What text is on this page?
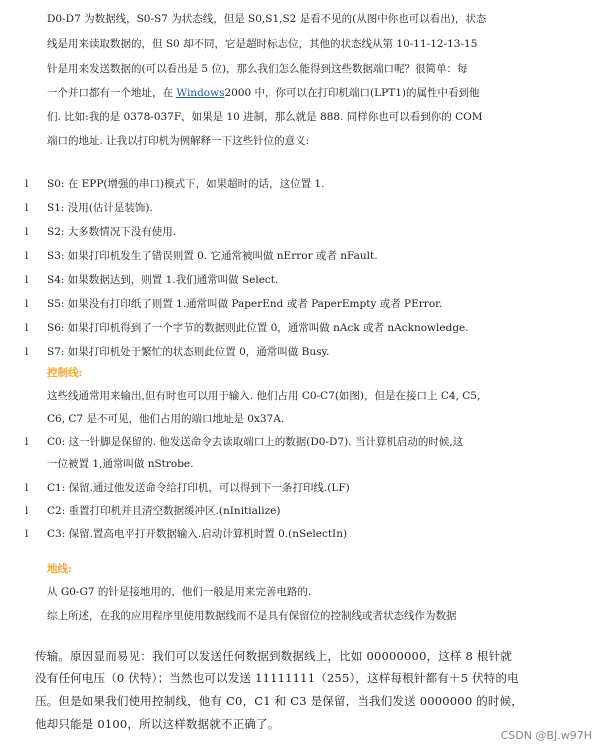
D0-D7 为数据线，S0-S7 为状态线，但是 S0,S1,S2 是看不见的(从图中你也可以看出)，状态
线是用来读取数据的，但 S0 却不同，它是超时标志位，其他的状态线从第 10-11-12-13-15
针是用来发送数据的(可以看出是 5 位)，那么我们怎么能得到这些数据端口呢？很简单：每
一个并口都有一个地址，在 Windows2000 中，你可以在打印机端口(LPT1)的属性中看到他
们. 比如:我的是 0378-037F，如果是 10 进制，那么就是 888. 同样你也可以看到你的 COM
端口的地址. 让我以打印机为例解释一下这些针位的意义:
l S0: 在 EPP(增强的串口)模式下，如果超时的话，这位置 1.
l S1: 没用(估计是装饰).
l S2: 大多数情况下没有使用.
l S3: 如果打印机发生了错误则置 0. 它通常被叫做 nError 或者 nFault.
l S4: 如果数据达到，则置 1.我们通常叫做 Select.
l S5: 如果没有打印纸了则置 1.通常叫做 PaperEnd 或者 PaperEmpty 或者 PError.
l S6: 如果打印机得到了一个字节的数据则此位置 0，通常叫做 nAck 或者 nAcknowledge.
l S7: 如果打印机处于繁忙的状态则此位置 0，通常叫做 Busy.
控制线:
这些线通常用来输出,但有时也可以用于输入. 他们占用 C0-C7(如图)，但是在接口上 C4, C5,
C6, C7 是不可见，他们占用的端口地址是 0x37A.
l C0: 这一针脚是保留的. 他发送命令去读取端口上的数据(D0-D7). 当计算机启动的时候,这
一位被置 1,通常叫做 nStrobe.
l C1: 保留.通过他发送命令给打印机，可以得到下一条打印线.(LF)
l C2: 重置打印机并且清空数据缓冲区.(nInitialize)
l C3: 保留.置高电平打开数据输入.启动计算机时置 0.(nSelectIn)
地线:
从 G0-G7 的针是接地用的，他们一般是用来完善电路的.
综上所述，在我的应用程序里使用数据线而不是具有保留位的控制线或者状态线作为数据
传输。原因显而易见：我们可以发送任何数据到数据线上，比如 00000000，这样 8 根针就
没有任何电压（0 伏特）；当然也可以发送 11111111（255），这样每根针都有＋5 伏特的电
压。但是如果我们使用控制线，他有 C0，C1 和 C3 是保留，当我们发送 0000000 的时候，
他却只能是 0100，所以这样数据就不正确了。
CSDN @BJ.w97H
